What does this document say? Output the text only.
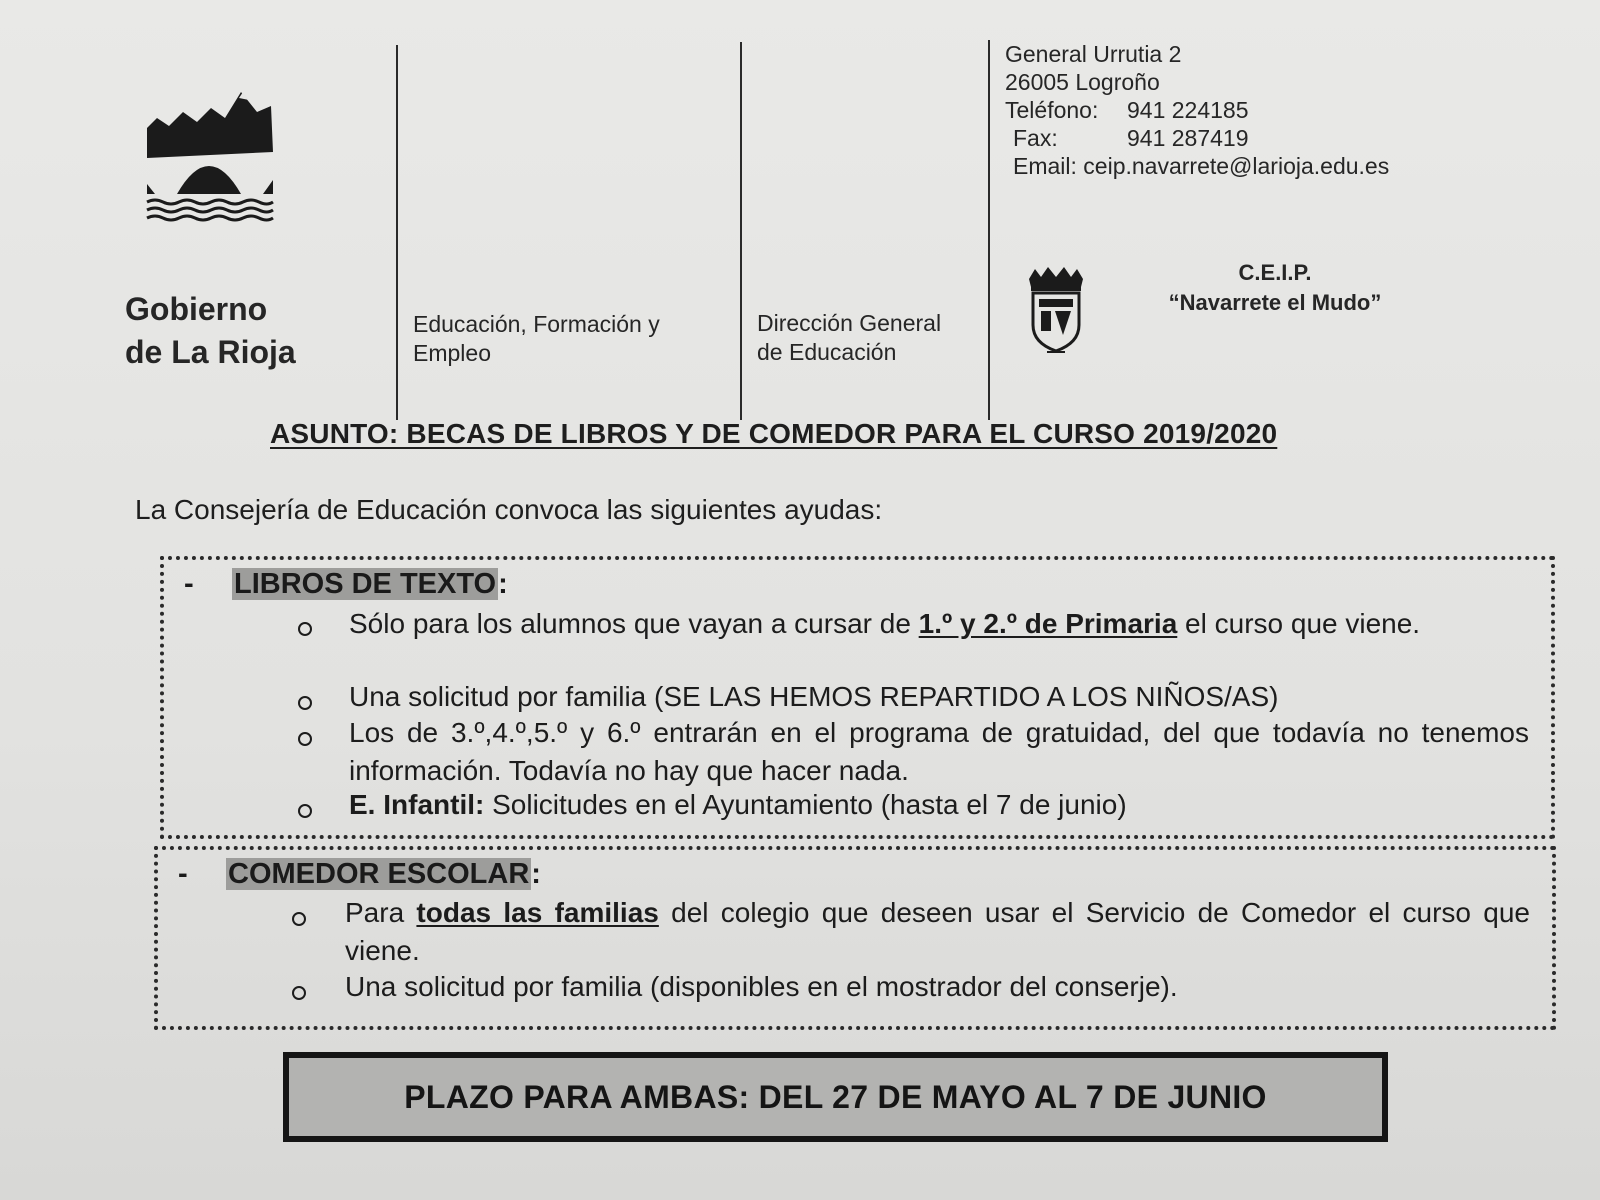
Gobierno
de La Rioja
Educación, Formación y
Empleo
Dirección General
de Educación
General Urrutia 2
26005 Logroño
Teléfono:	941 224185
Fax:	941 287419
Email:
ceip.navarrete@larioja.edu.es
C.E.I.P.
“Navarrete el Mudo”
ASUNTO: BECAS DE LIBROS Y DE COMEDOR PARA EL CURSO 2019/2020
La Consejería de Educación convoca las siguientes ayudas:
- LIBROS DE TEXTO:

Sólo para los alumnos que vayan a cursar de 1.º y 2.º de Primaria el curso que viene.

Una solicitud por familia (SE LAS HEMOS REPARTIDO A LOS NIÑOS/AS)

Los de 3.º,4.º,5.º y 6.º entrarán en el programa de gratuidad, del que todavía no tenemos información. Todavía no hay que hacer nada.

E. Infantil: Solicitudes en el Ayuntamiento (hasta el 7 de junio)

- COMEDOR ESCOLAR:

Para todas las familias del colegio que deseen usar el Servicio de Comedor el curso que viene.

Una solicitud por familia (disponibles en el mostrador del conserje).

PLAZO PARA AMBAS: DEL 27 DE MAYO AL 7 DE JUNIO
